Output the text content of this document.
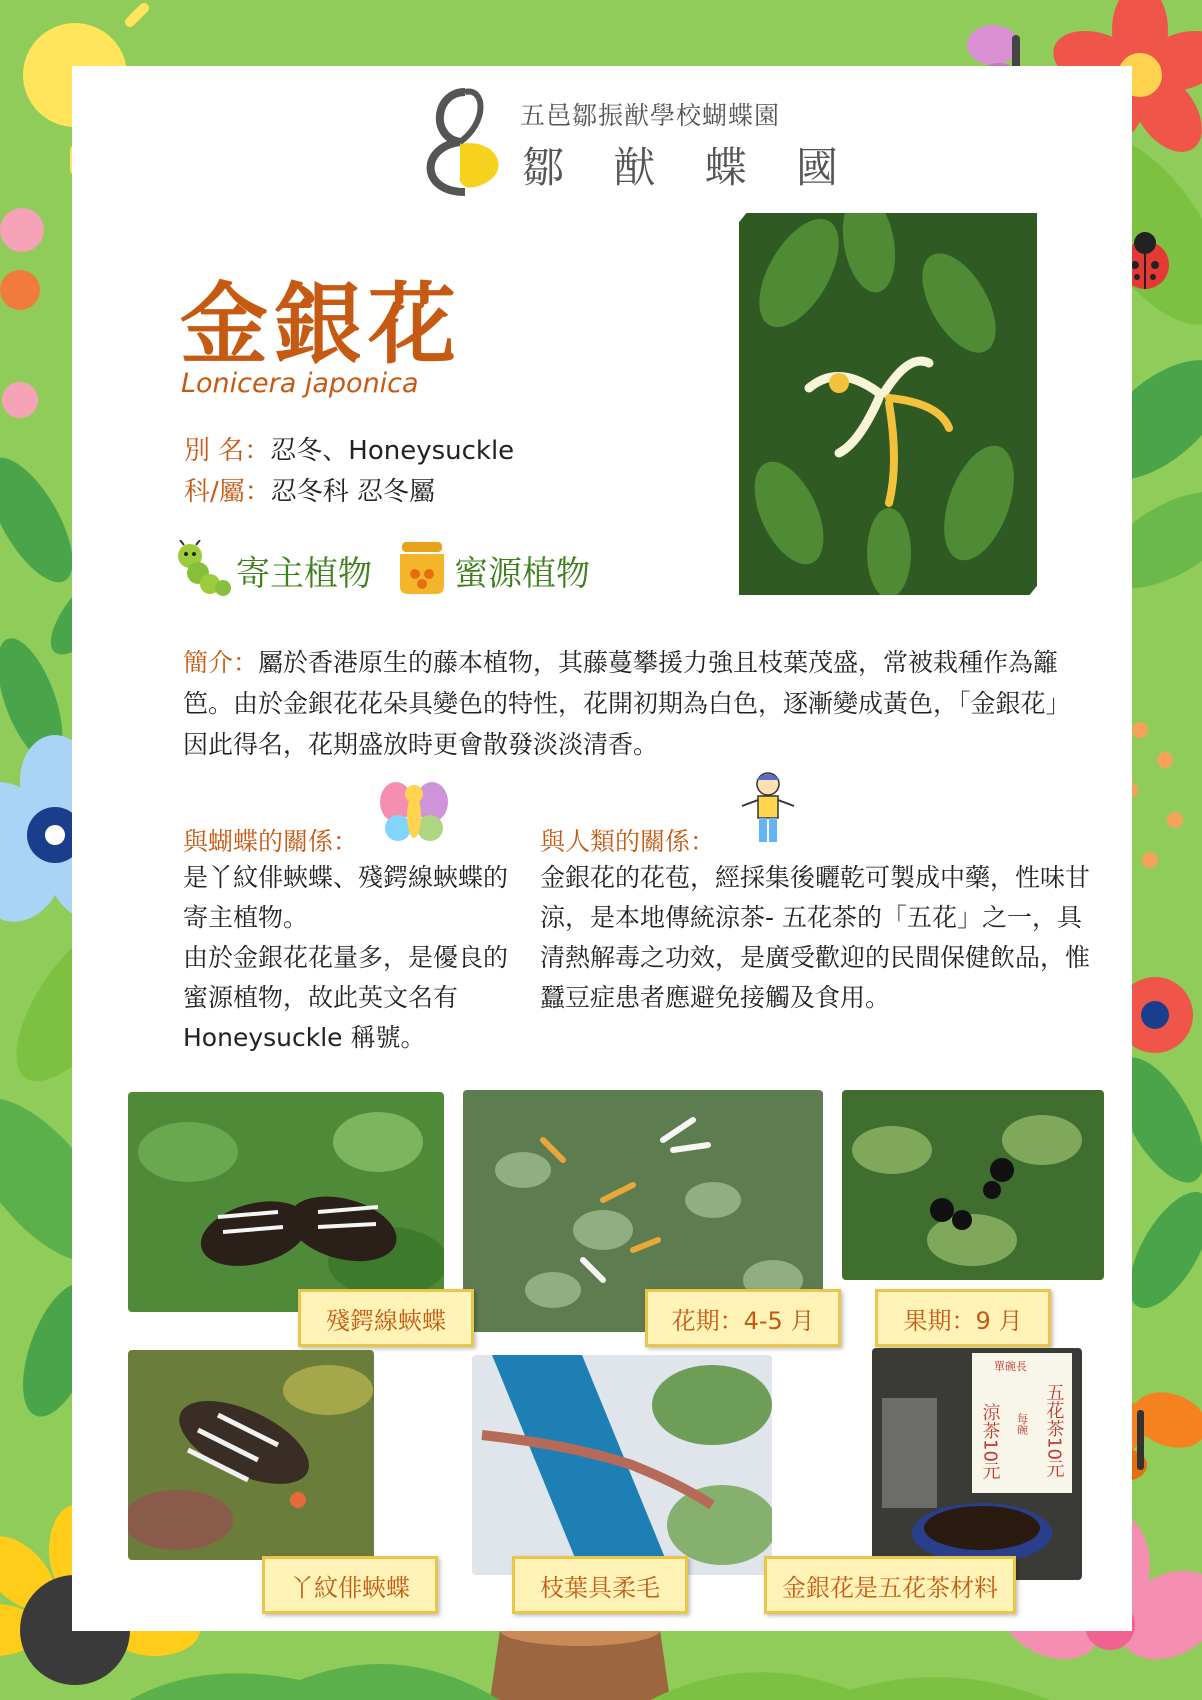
五邑鄒振猷學校蝴蝶園
鄒 猷 蝶 國
金銀花
Lonicera japonica
別 名：忍冬、Honeysuckle
科/屬：忍冬科 忍冬屬
寄主植物 蜜源植物
簡介：屬於香港原生的藤本植物，其藤蔓攀援力強且枝葉茂盛，常被栽種作為籬笆。由於金銀花花朵具變色的特性，花開初期為白色，逐漸變成黃色，「金銀花」因此得名，花期盛放時更會散發淡淡清香。
與蝴蝶的關係：
是丫紋俳蛺蝶、殘鍔線蛺蝶的寄主植物。
由於金銀花花量多，是優良的蜜源植物，故此英文名有 Honeysuckle 稱號。
與人類的關係：
金銀花的花苞，經採集後曬乾可製成中藥，性味甘涼，是本地傳統涼茶- 五花茶的「五花」之一，具清熱解毒之功效，是廣受歡迎的民間保健飲品，惟蠶豆症患者應避免接觸及食用。
殘鍔線蛺蝶	花期：4-5 月	果期：9 月
單碗長
涼茶10元 每碗 五花茶10元
丫紋俳蛺蝶	枝葉具柔毛	金銀花是五花茶材料
